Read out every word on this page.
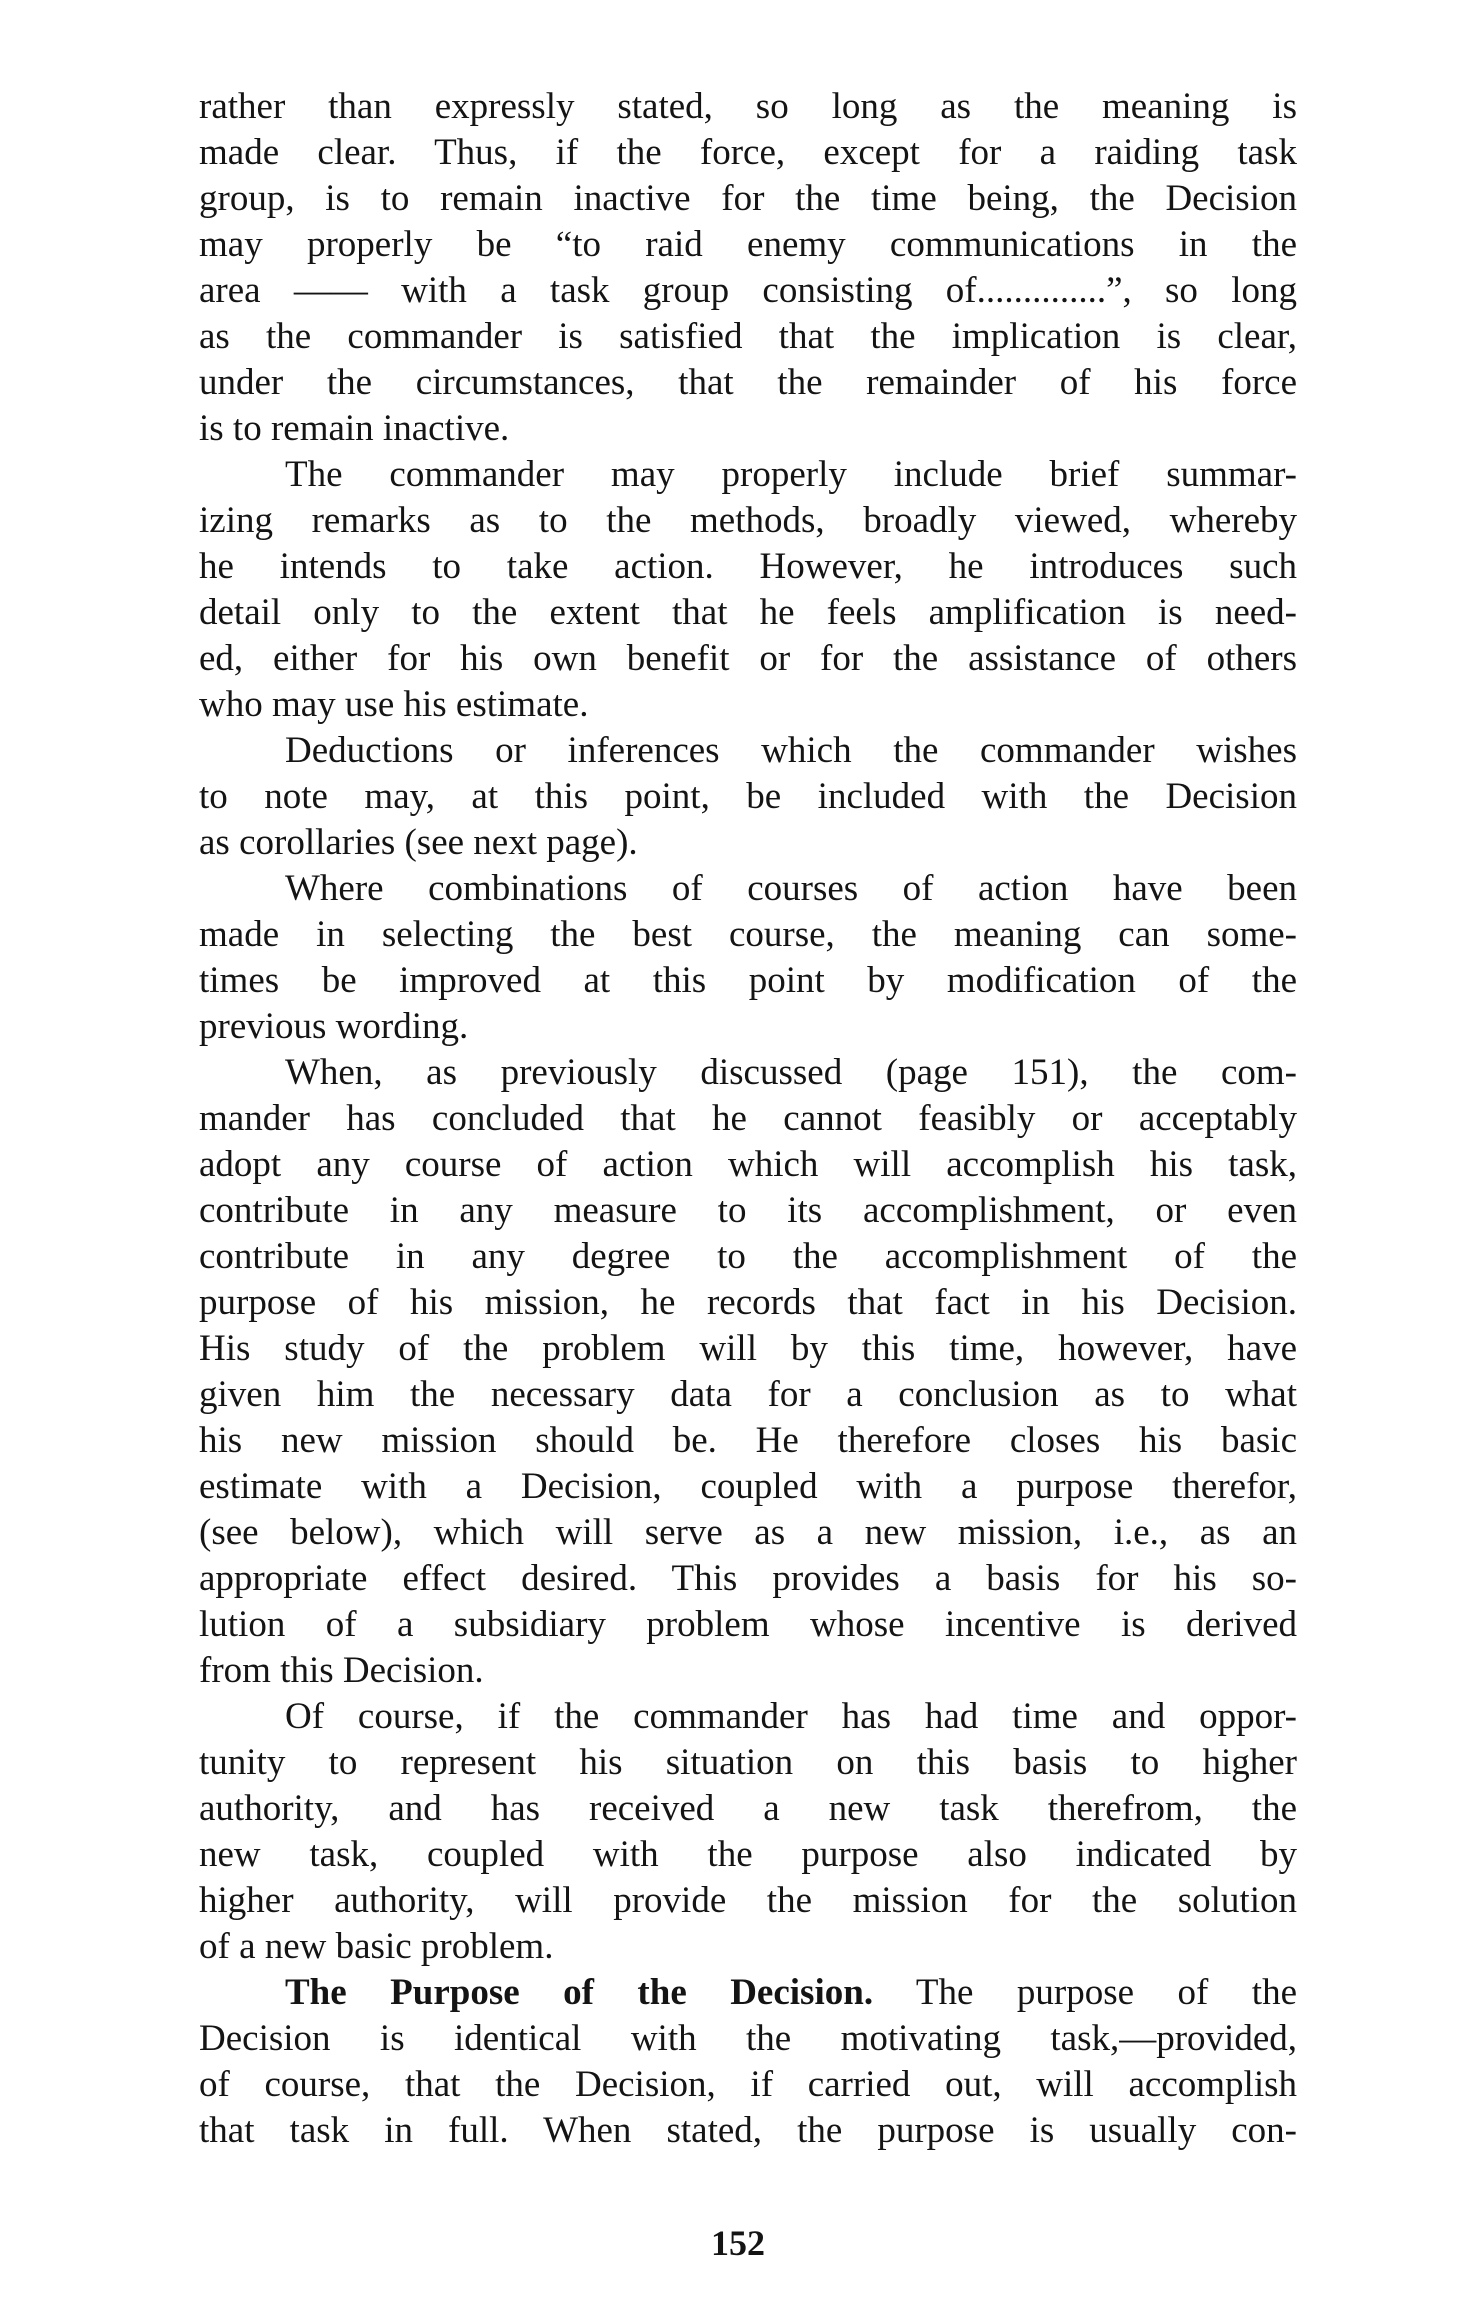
rather than expressly stated, so long as the meaning is
made clear. Thus, if the force, except for a raiding task
group, is to remain inactive for the time being, the Decision
may properly be “to raid enemy communications in the
area —— with a task group consisting of..............”, so long
as the commander is satisfied that the implication is clear,
under the circumstances, that the remainder of his force
is to remain inactive.
The commander may properly include brief summar-
izing remarks as to the methods, broadly viewed, whereby
he intends to take action. However, he introduces such
detail only to the extent that he feels amplification is need-
ed, either for his own benefit or for the assistance of others
who may use his estimate.
Deductions or inferences which the commander wishes
to note may, at this point, be included with the Decision
as corollaries (see next page).
Where combinations of courses of action have been
made in selecting the best course, the meaning can some-
times be improved at this point by modification of the
previous wording.
When, as previously discussed (page 151), the com-
mander has concluded that he cannot feasibly or acceptably
adopt any course of action which will accomplish his task,
contribute in any measure to its accomplishment, or even
contribute in any degree to the accomplishment of the
purpose of his mission, he records that fact in his Decision.
His study of the problem will by this time, however, have
given him the necessary data for a conclusion as to what
his new mission should be. He therefore closes his basic
estimate with a Decision, coupled with a purpose therefor,
(see below), which will serve as a new mission, i.e., as an
appropriate effect desired. This provides a basis for his so-
lution of a subsidiary problem whose incentive is derived
from this Decision.
Of course, if the commander has had time and oppor-
tunity to represent his situation on this basis to higher
authority, and has received a new task therefrom, the
new task, coupled with the purpose also indicated by
higher authority, will provide the mission for the solution
of a new basic problem.
The Purpose of the Decision. The purpose of the
Decision is identical with the motivating task,—provided,
of course, that the Decision, if carried out, will accomplish
that task in full. When stated, the purpose is usually con-
152
